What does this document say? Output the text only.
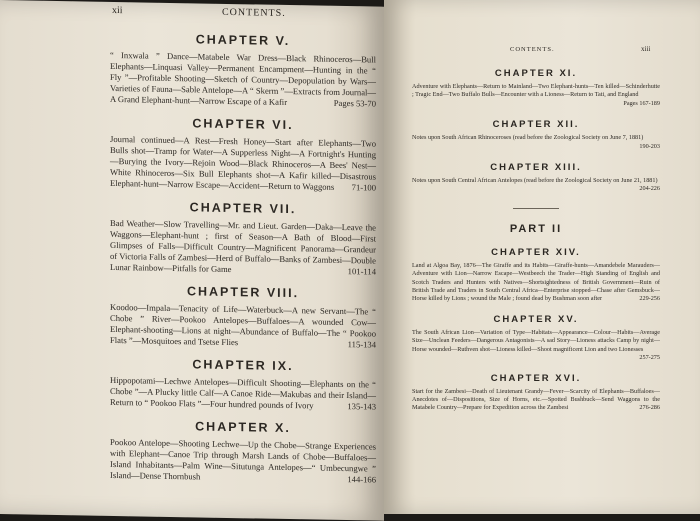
xii	CONTENTS.
CHAPTER V.
“ Inxwala ” Dance—Matabele War Dress—Black Rhinoceros—Bull Elephants—Linquasi Valley—Permanent Encampment—Hunting in the “ Fly ”—Profitable Shooting—Sketch of Country—Depopulation by Wars—Varieties of Fauna—Sable Antelope—A “ Skerm ”—Extracts from Journal—A Grand Elephant-hunt—Narrow Escape of a Kafir	Pages 53-70
CHAPTER VI.
Journal continued—A Rest—Fresh Honey—Start after Elephants—Two Bulls shot—Tramp for Water—A Supperless Night—A Fortnight's Hunting—Burying the Ivory—Rejoin Wood—Black Rhinoceros—A Bees' Nest—White Rhinoceros—Six Bull Elephants shot—A Kafir killed—Disastrous Elephant-hunt—Narrow Escape—Accident—Return to Waggons 71-100
CHAPTER VII.
Bad Weather—Slow Travelling—Mr. and Lieut. Garden—Daka—Leave the Waggons—Elephant-hunt ; first of Season—A Bath of Blood—First Glimpses of Falls—Difficult Country—Magnificent Panorama—Grandeur of Victoria Falls of Zambesi—Herd of Buffalo—Banks of Zambesi—Double Lunar Rainbow—Pitfalls for Game	101-114
CHAPTER VIII.
Koodoo—Impala—Tenacity of Life—Waterbuck—A new Servant—The “ Chobe ” River—Pookoo Antelopes—Buffaloes—A wounded Cow—Elephant-shooting—Lions at night—Abundance of Buffalo—The “ Pookoo Flats ”—Mosquitoes and Tsetse Flies	115-134
CHAPTER IX.
Hippopotami—Lechwe Antelopes—Difficult Shooting—Elephants on the “ Chobe ”—A Plucky little Calf—A Canoe Ride—Makubas and their Island—Return to “ Pookoo Flats ”—Four hundred pounds of Ivory	135-143
CHAPTER X.
Pookoo Antelope—Shooting Lechwe—Up the Chobe—Strange Experiences with Elephant—Canoe Trip through Marsh Lands of Chobe—Buffaloes—Island Inhabitants—Palm Wine—Situtunga Antelopes—“ Umbecungwe ” Island—Dense Thornbush	144-166
CONTENTS.	xiii
CHAPTER XI.
Adventure with Elephants—Return to Mainland—Two Elephant-hunts—Ten killed—Schinderhutte ; Tragic End—Two Buffalo Bulls—Encounter with a Lioness—Return to Tati, and England
Pages 167-189
CHAPTER XII.
Notes upon South African Rhinoceroses (read before the Zoological Society on June 7, 1881)
190-203
CHAPTER XIII.
Notes upon South Central African Antelopes (read before the Zoological Society on June 21, 1881)
204-226
PART II
CHAPTER XIV.
Land at Algoa Bay, 1876—The Giraffe and its Habits—Giraffe-hunts—Amandebele Marauders—Adventure with Lion—Narrow Escape—Westbeech the Trader—High Standing of English and Scotch Traders and Hunters with Natives—Shortsightedness of British Government—Ruin of British Trade and Traders in South Central Africa—Enterprise stopped—Chase after Gemsbuck—Horse killed by Lions ; wound the Male ; found dead by Bushman soon after	229-256
CHAPTER XV.
The South African Lion—Variation of Type—Habitats—Appearance—Colour—Habits—Average Size—Unclean Feeders—Dangerous Antagonists—A sad Story—Lioness attacks Camp by night—Horse wounded—Ruthven shot—Lioness killed—Shoot magnificent Lion and two Lionesses
257-275
CHAPTER XVI.
Start for the Zambesi—Death of Lieutenant Grandy—Fever—Scarcity of Elephants—Buffaloes—Anecdotes of—Dispositions, Size of Horns, etc.—Spotted Bushbuck—Send Waggons to the Matabele Country—Prepare for Expedition across the Zambesi	276-286
